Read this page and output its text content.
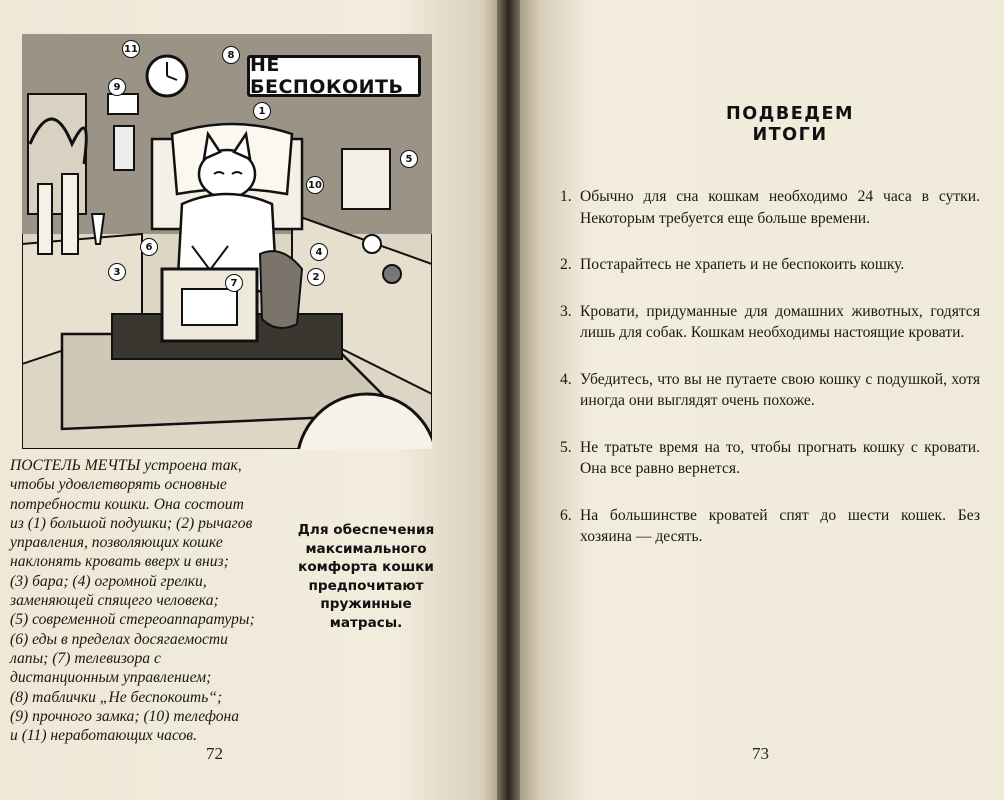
НЕ БЕСПОКОИТЬ
11
8
1
9
5
10
6
3	2
4
7
ПОСТЕЛЬ МЕЧТЫ устроена так,
чтобы удовлетворять основные
потребности кошки. Она состоит
из (1) большой подушки; (2) рычагов
управления, позволяющих кошке
наклонять кровать вверх и вниз;
(3) бара; (4) огромной грелки,
заменяющей спящего человека;
(5) современной стереоаппаратуры;
(6) еды в пределах досягаемости
лапы; (7) телевизора с
дистанционным управлением;
(8) таблички „Не беспокоить“;
(9) прочного замка; (10) телефона
и (11) неработающих часов.
Для обеспечения
максимального
комфорта кошки
предпочитают
пружинные
матрасы.
72
ПОДВЕДЕМ
ИТОГИ
1. Обычно для сна кошкам необходимо 24 часа в сутки. Некоторым требуется еще больше времени.
2. Постарайтесь не храпеть и не беспокоить кошку.
3. Кровати, придуманные для домашних животных, годятся лишь для собак. Кошкам необходимы настоящие кровати.
4. Убедитесь, что вы не путаете свою кошку с подушкой, хотя иногда они выглядят очень похоже.
5. Не тратьте время на то, чтобы прогнать кошку с кровати. Она все равно вернется.
6. На большинстве кроватей спят до шести кошек. Без хозяина — десять.
73
